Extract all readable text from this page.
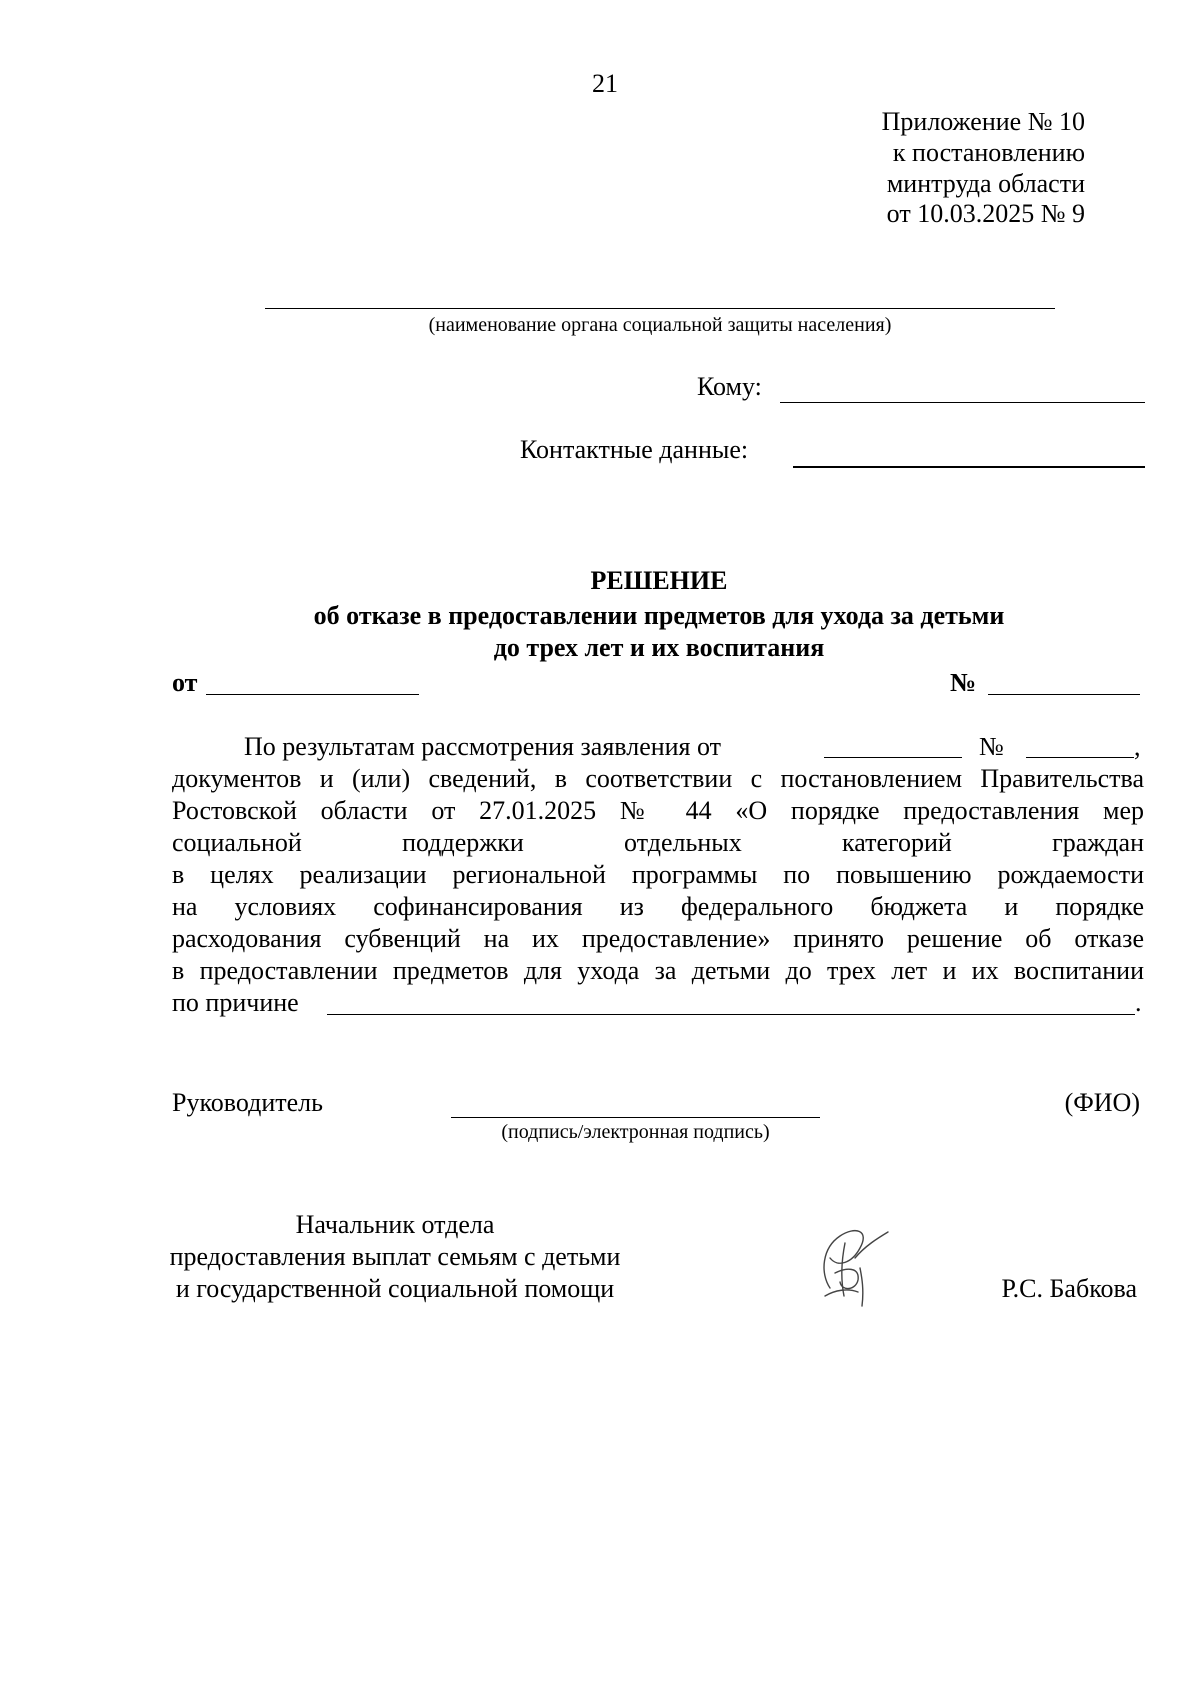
21
Приложение № 10
к постановлению
минтруда области
от 10.03.2025 № 9
(наименование органа социальной защиты населения)
Кому:
Контактные данные:
РЕШЕНИЕ
об отказе в предоставлении предметов для ухода за детьми
до трех лет и их воспитания
от	№
По результатам рассмотрения заявления от	№	,
документов и (или) сведений, в соответствии с постановлением Правительства
Ростовской области от 27.01.2025 № 44 «О порядке предоставления мер
социальной поддержки отдельных категорий граждан
в целях реализации региональной программы по повышению рождаемости
на условиях софинансирования из федерального бюджета и порядке
расходования субвенций на их предоставление» принято решение об отказе
в предоставлении предметов для ухода за детьми до трех лет и их воспитании
по причине	.
Руководитель
(подпись/электронная подпись)
(ФИО)
Начальник отдела
предоставления выплат семьям с детьми
и государственной социальной помощи	Р.С. Бабкова
